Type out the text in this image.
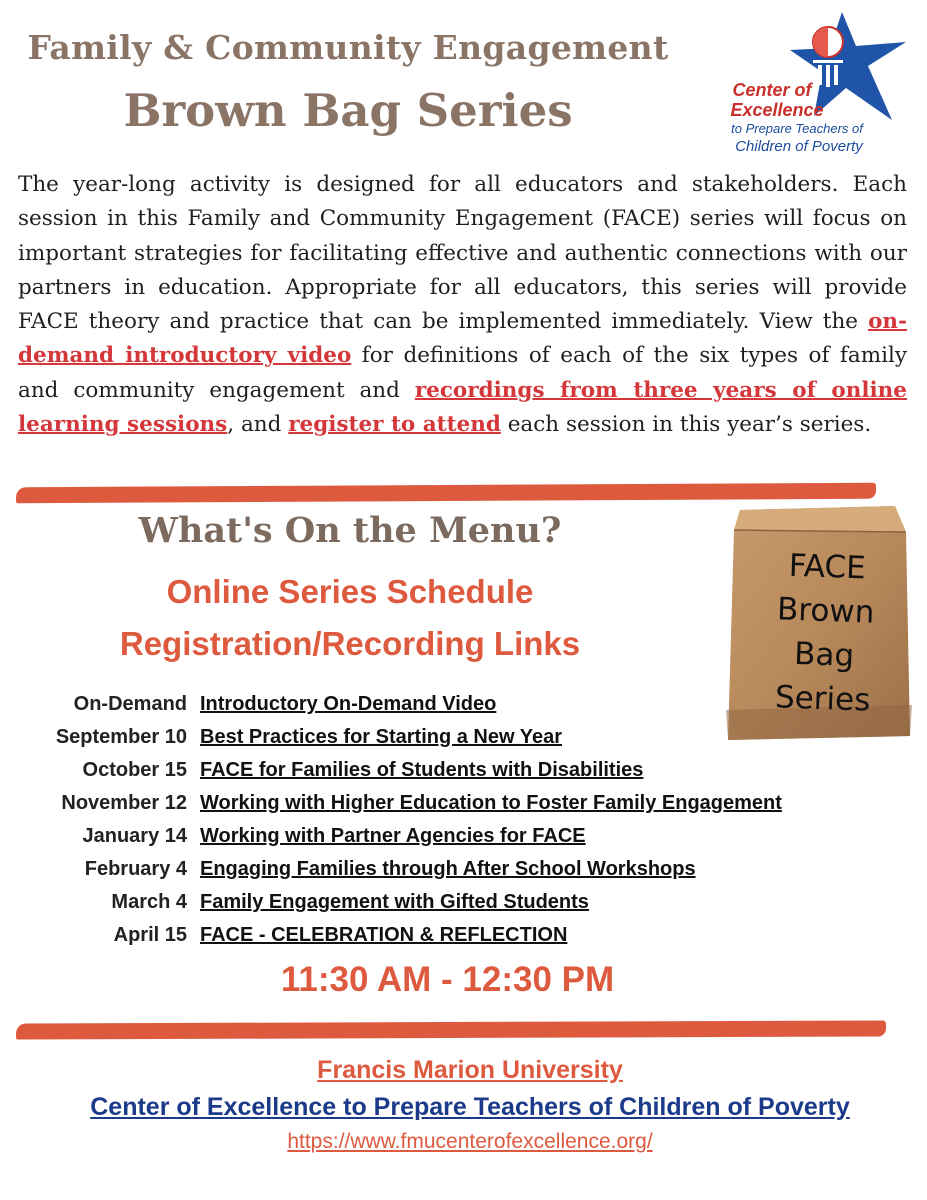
Family & Community Engagement
Brown Bag Series	Center of
Excellence
to Prepare Teachers of
Children of Poverty
The year-long activity is designed for all educators and stakeholders. Each session in this Family and Community Engagement (FACE) series will focus on important strategies for facilitating effective and authentic connections with our partners in education. Appropriate for all educators, this series will provide FACE theory and practice that can be implemented immediately. View the on-demand introductory video for definitions of each of the six types of family and community engagement and recordings from three years of online learning sessions, and register to attend each session in this year’s series.
What's On the Menu?
Online Series Schedule
Registration/Recording Links
FACE
Brown
Bag
Series
On-Demand Introductory On-Demand Video
September 10 Best Practices for Starting a New Year
October 15 FACE for Families of Students with Disabilities
November 12 Working with Higher Education to Foster Family Engagement
January 14 Working with Partner Agencies for FACE
February 4 Engaging Families through After School Workshops
March 4 Family Engagement with Gifted Students
April 15 FACE - CELEBRATION & REFLECTION
11:30 AM - 12:30 PM
Francis Marion University
Center of Excellence to Prepare Teachers of Children of Poverty
https://www.fmucenterofexcellence.org/
